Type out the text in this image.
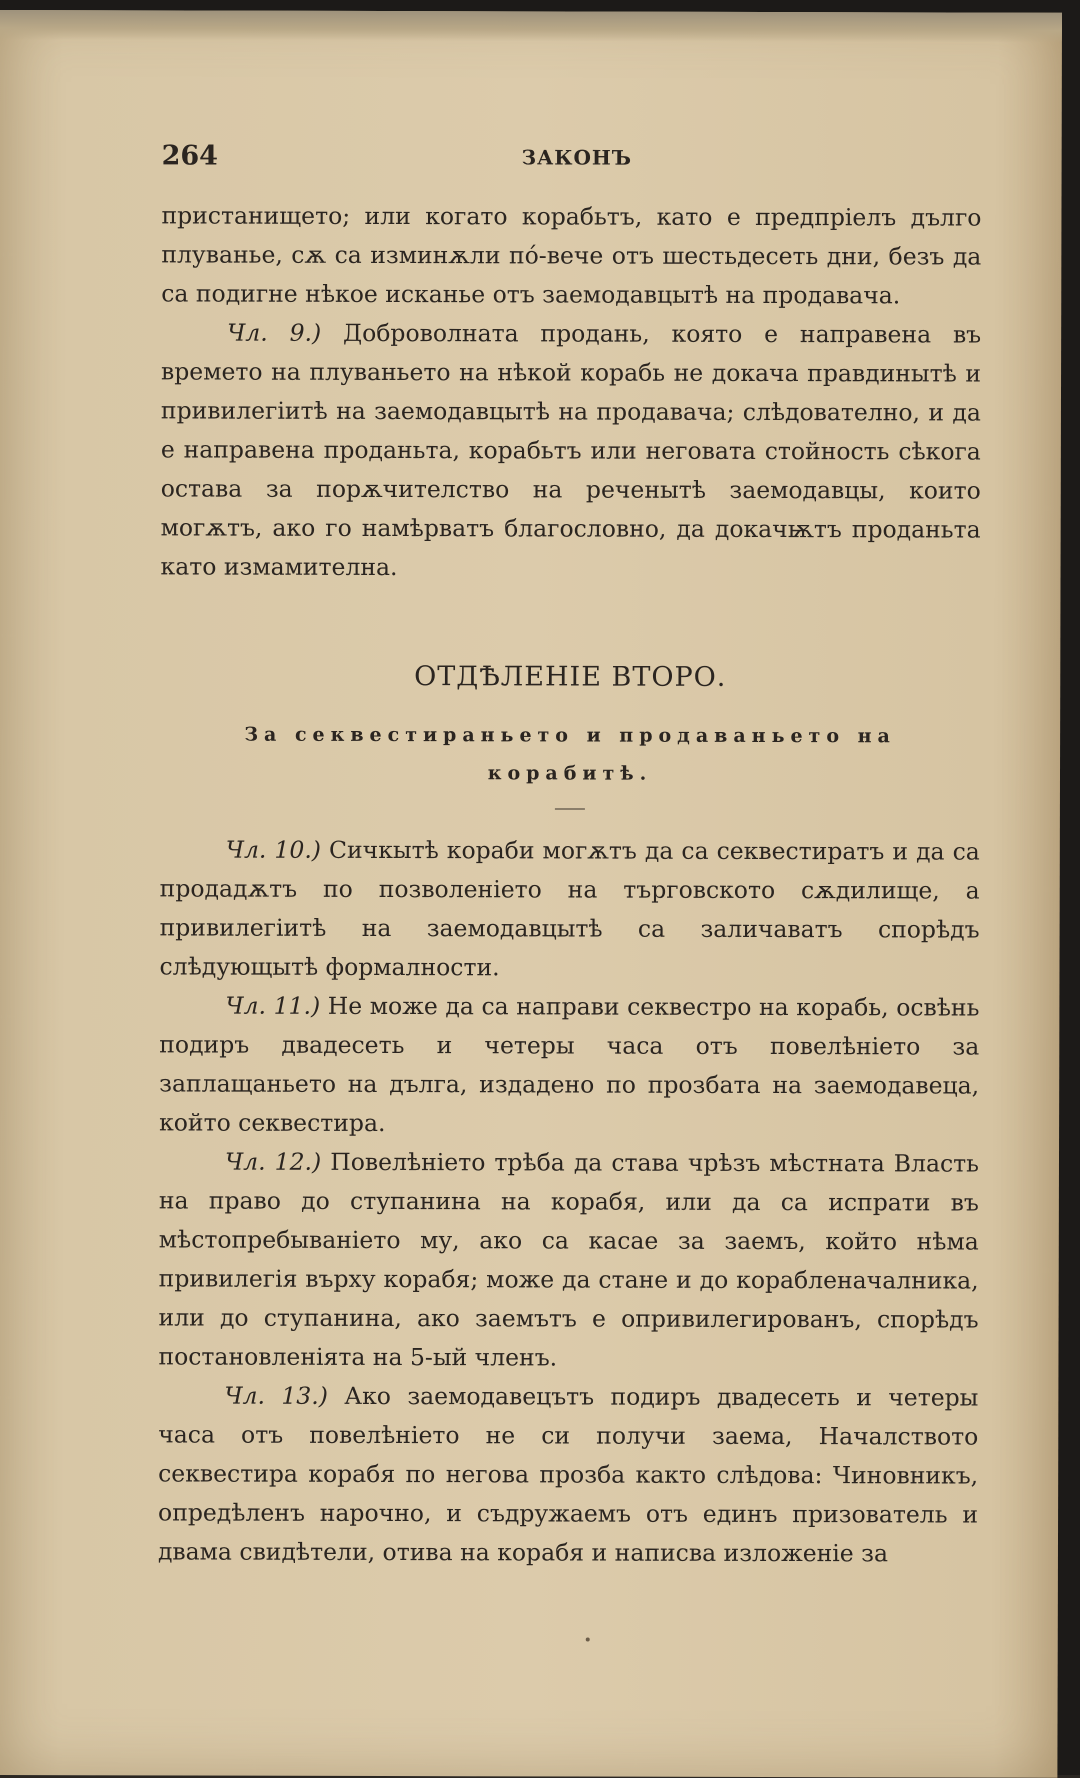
264	ЗАКОНЪ

пристанището; или когато корабьтъ, като е предпріелъ дълго плуванье, сѫ са изминѫли по́-вече отъ шестьдесеть дни, безъ да са подигне нѣкое исканье отъ заемодавцытѣ на продавача.

Чл. 9.) Доброволната продань, която е направена въ времето на плуваньето на нѣкой корабь не докача правдинытѣ и привилегіитѣ на заемодавцытѣ на продавача; слѣдователно, и да е направена проданьта, корабьтъ или неговата стойность сѣкога остава за порѫчителство на реченытѣ заемодавцы, които могѫтъ, ако го намѣрватъ благословно, да докачѭтъ проданьта като измамителна.

ОТДѢЛЕНІЕ ВТОРО.
За секвестираньето и продаваньето на корабитѣ.

Чл. 10.) Сичкытѣ кораби могѫтъ да са секвестиратъ и да са продадѫтъ по позволеніето на търговското сѫдилище, а привилегіитѣ на заемодавцытѣ са заличаватъ спорѣдъ слѣдующытѣ формалности.

Чл. 11.) Не може да са направи секвестро на корабь, освѣнь подиръ двадесеть и четеры часа отъ повелѣніето за заплащаньето на дълга, издадено по прозбата на заемодавеца, който секвестира.

Чл. 12.) Повелѣніето трѣба да става чрѣзъ мѣстната Власть на право до ступанина на корабя, или да са испрати въ мѣстопребываніето му, ако са касае за заемъ, който нѣма привилегія върху корабя; може да стане и до корабленачалника, или до ступанина, ако заемътъ е опривилегированъ, спорѣдъ постановленіята на 5-ый членъ.

Чл. 13.) Ако заемодавецътъ подиръ двадесеть и четеры часа отъ повелѣніето не си получи заема, Началството секвестира корабя по негова прозба както слѣдова: Чиновникъ, опредѣленъ нарочно, и съдружаемъ отъ единъ призователь и двама свидѣтели, отива на корабя и написва изложеніе за
